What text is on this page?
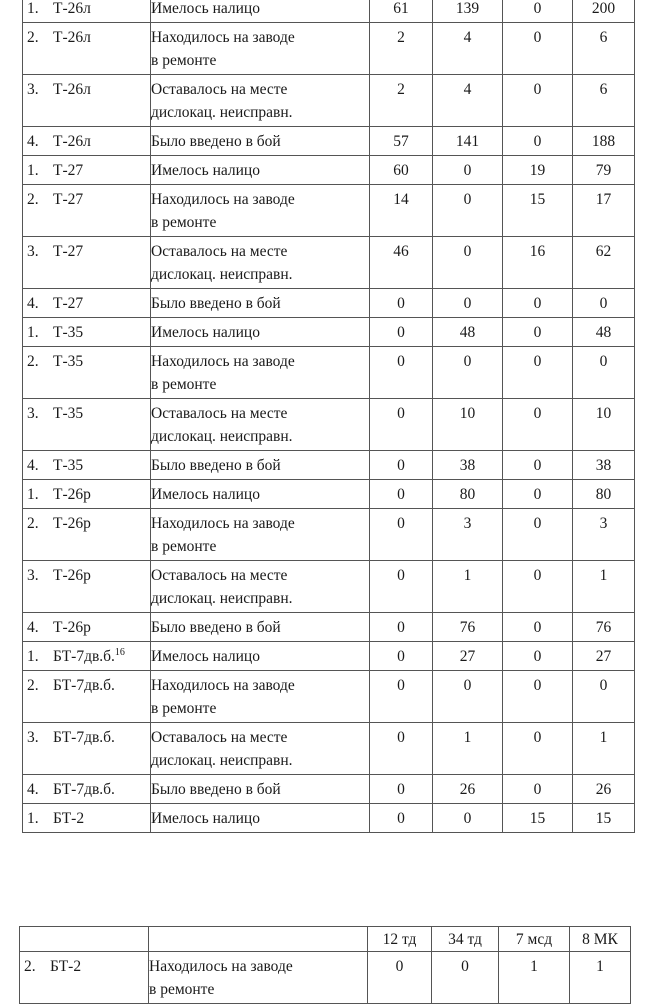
1. Т-26л	Имелось налицо	61	139	0	200
2. Т-26л	Находилось на заводе
в ремонте	2	4	0	6
3. Т-26л	Оставалось на месте
дислокац. неисправн.	2	4	0	6
4. Т-26л	Было введено в бой	57	141	0	188
1. Т-27	Имелось налицо	60	0	19	79
2. Т-27	Находилось на заводе
в ремонте	14	0	15	17
3. Т-27	Оставалось на месте
дислокац. неисправн.	46	0	16	62
4. Т-27	Было введено в бой	0	0	0	0
1. Т-35	Имелось налицо	0	48	0	48
2. Т-35	Находилось на заводе
в ремонте	0	0	0	0
3. Т-35	Оставалось на месте
дислокац. неисправн.	0	10	0	10
4. Т-35	Было введено в бой	0	38	0	38
1. Т-26р	Имелось налицо	0	80	0	80
2. Т-26р	Находилось на заводе
в ремонте	0	3	0	3
3. Т-26р	Оставалось на месте
дислокац. неисправн.	0	1	0	1
4. Т-26р	Было введено в бой	0	76	0	76
1. БТ-7дв.б.$^{16}$	Имелось налицо	0	27	0	27
2. БТ-7дв.б.	Находилось на заводе
в ремонте	0	0	0	0
3. БТ-7дв.б.	Оставалось на месте
дислокац. неисправн.	0	1	0	1
4. БТ-7дв.б.	Было введено в бой	0	26	0	26
1. БТ-2	Имелось налицо	0	0	15	15
		12 тд	34 тд	7 мсд	8 МК
2. БТ-2	Находилось на заводе
в ремонте	0	0	1	1
